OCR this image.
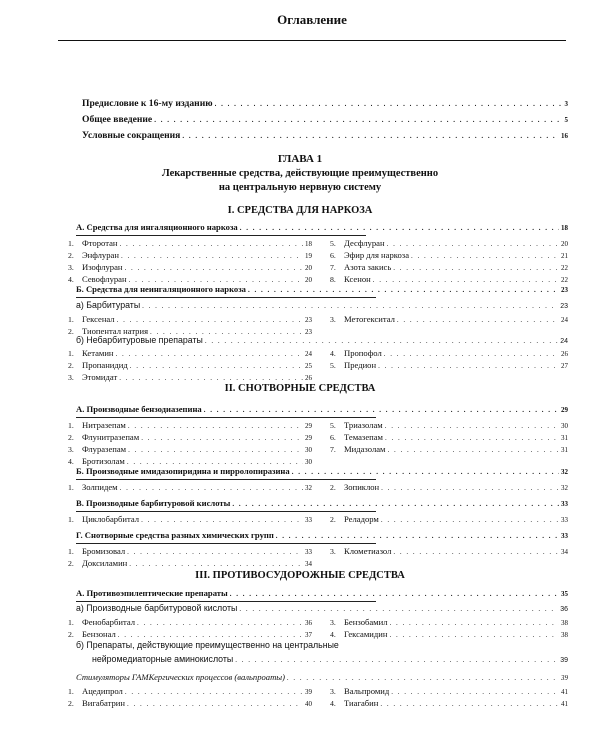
Оглавление
Предисловие к 16-му изданию . . .	3
Общее введение . . .	5
Условные сокращения . . .	16
ГЛАВА 1
Лекарственные средства, действующие преимущественно
на центральную нервную систему
I. СРЕДСТВА ДЛЯ НАРКОЗА
А. Средства для ингаляционного наркоза . . .	18
1. Фторотан . . .	18
2. Энфлуран . . .	19
3. Изофлуран . . .	20
4. Севофлуран . . .	20
5. Десфлуран . . .	20
6. Эфир для наркоза . . .	21
7. Азота закись . . .	22
8. Ксенон . . .	22
Б. Средства для неингаляционного наркоза . . .	23
а) Барбитураты . . .	23
1. Гексенал . . .	23
2. Тиопентал натрия . . .	23
3. Метогекситал . . .	24
б) Небарбитуровые препараты . . .	24
1. Кетамин . . .	24
2. Пропанидид . . .	25
3. Этомидат . . .	26
4. Пропофол . . .	26
5. Предион . . .	27
II. СНОТВОРНЫЕ СРЕДСТВА
А. Производные бензодиазепина . . .	29
1. Нитразепам . . .	29
2. Флунитразепам . . .	29
3. Флуразепам . . .	30
4. Бротизолам . . .	30
5. Триазолам . . .	30
6. Темазепам . . .	31
7. Мидазолам . . .	31
Б. Производные имидазопиридина и пирролопиразина . . .	32
1. Золпидем . . .	32 2. Зопиклон . . .	32
В. Производные барбитуровой кислоты . . .	33
1. Циклобарбитал . . .	33 2. Реладорм . . .	33
Г. Снотворные средства разных химических групп . . .	33
1. Бромизовал . . .	33
2. Доксиламин . . .	34
3. Клометиазол . . .	34
III. ПРОТИВОСУДОРОЖНЫЕ СРЕДСТВА
А. Противоэпилептические препараты . . .	35
а) Производные барбитуровой кислоты . . .	36
1. Фенобарбитал . . .	36
2. Бензонал . . .	37
3. Бензобамил . . .	38
4. Гексамидин . . .	38
б) Препараты, действующие преимущественно на центральные
нейромедиаторные аминокислоты . . .	39
Стимуляторы ГАМКергических процессов (вальпроаты) . . .	39
1. Ацедипрол . . .	39
2. Вигабатрин . . .	40
3. Вальпромид . . .	41
4. Тиагабин . . .	41
